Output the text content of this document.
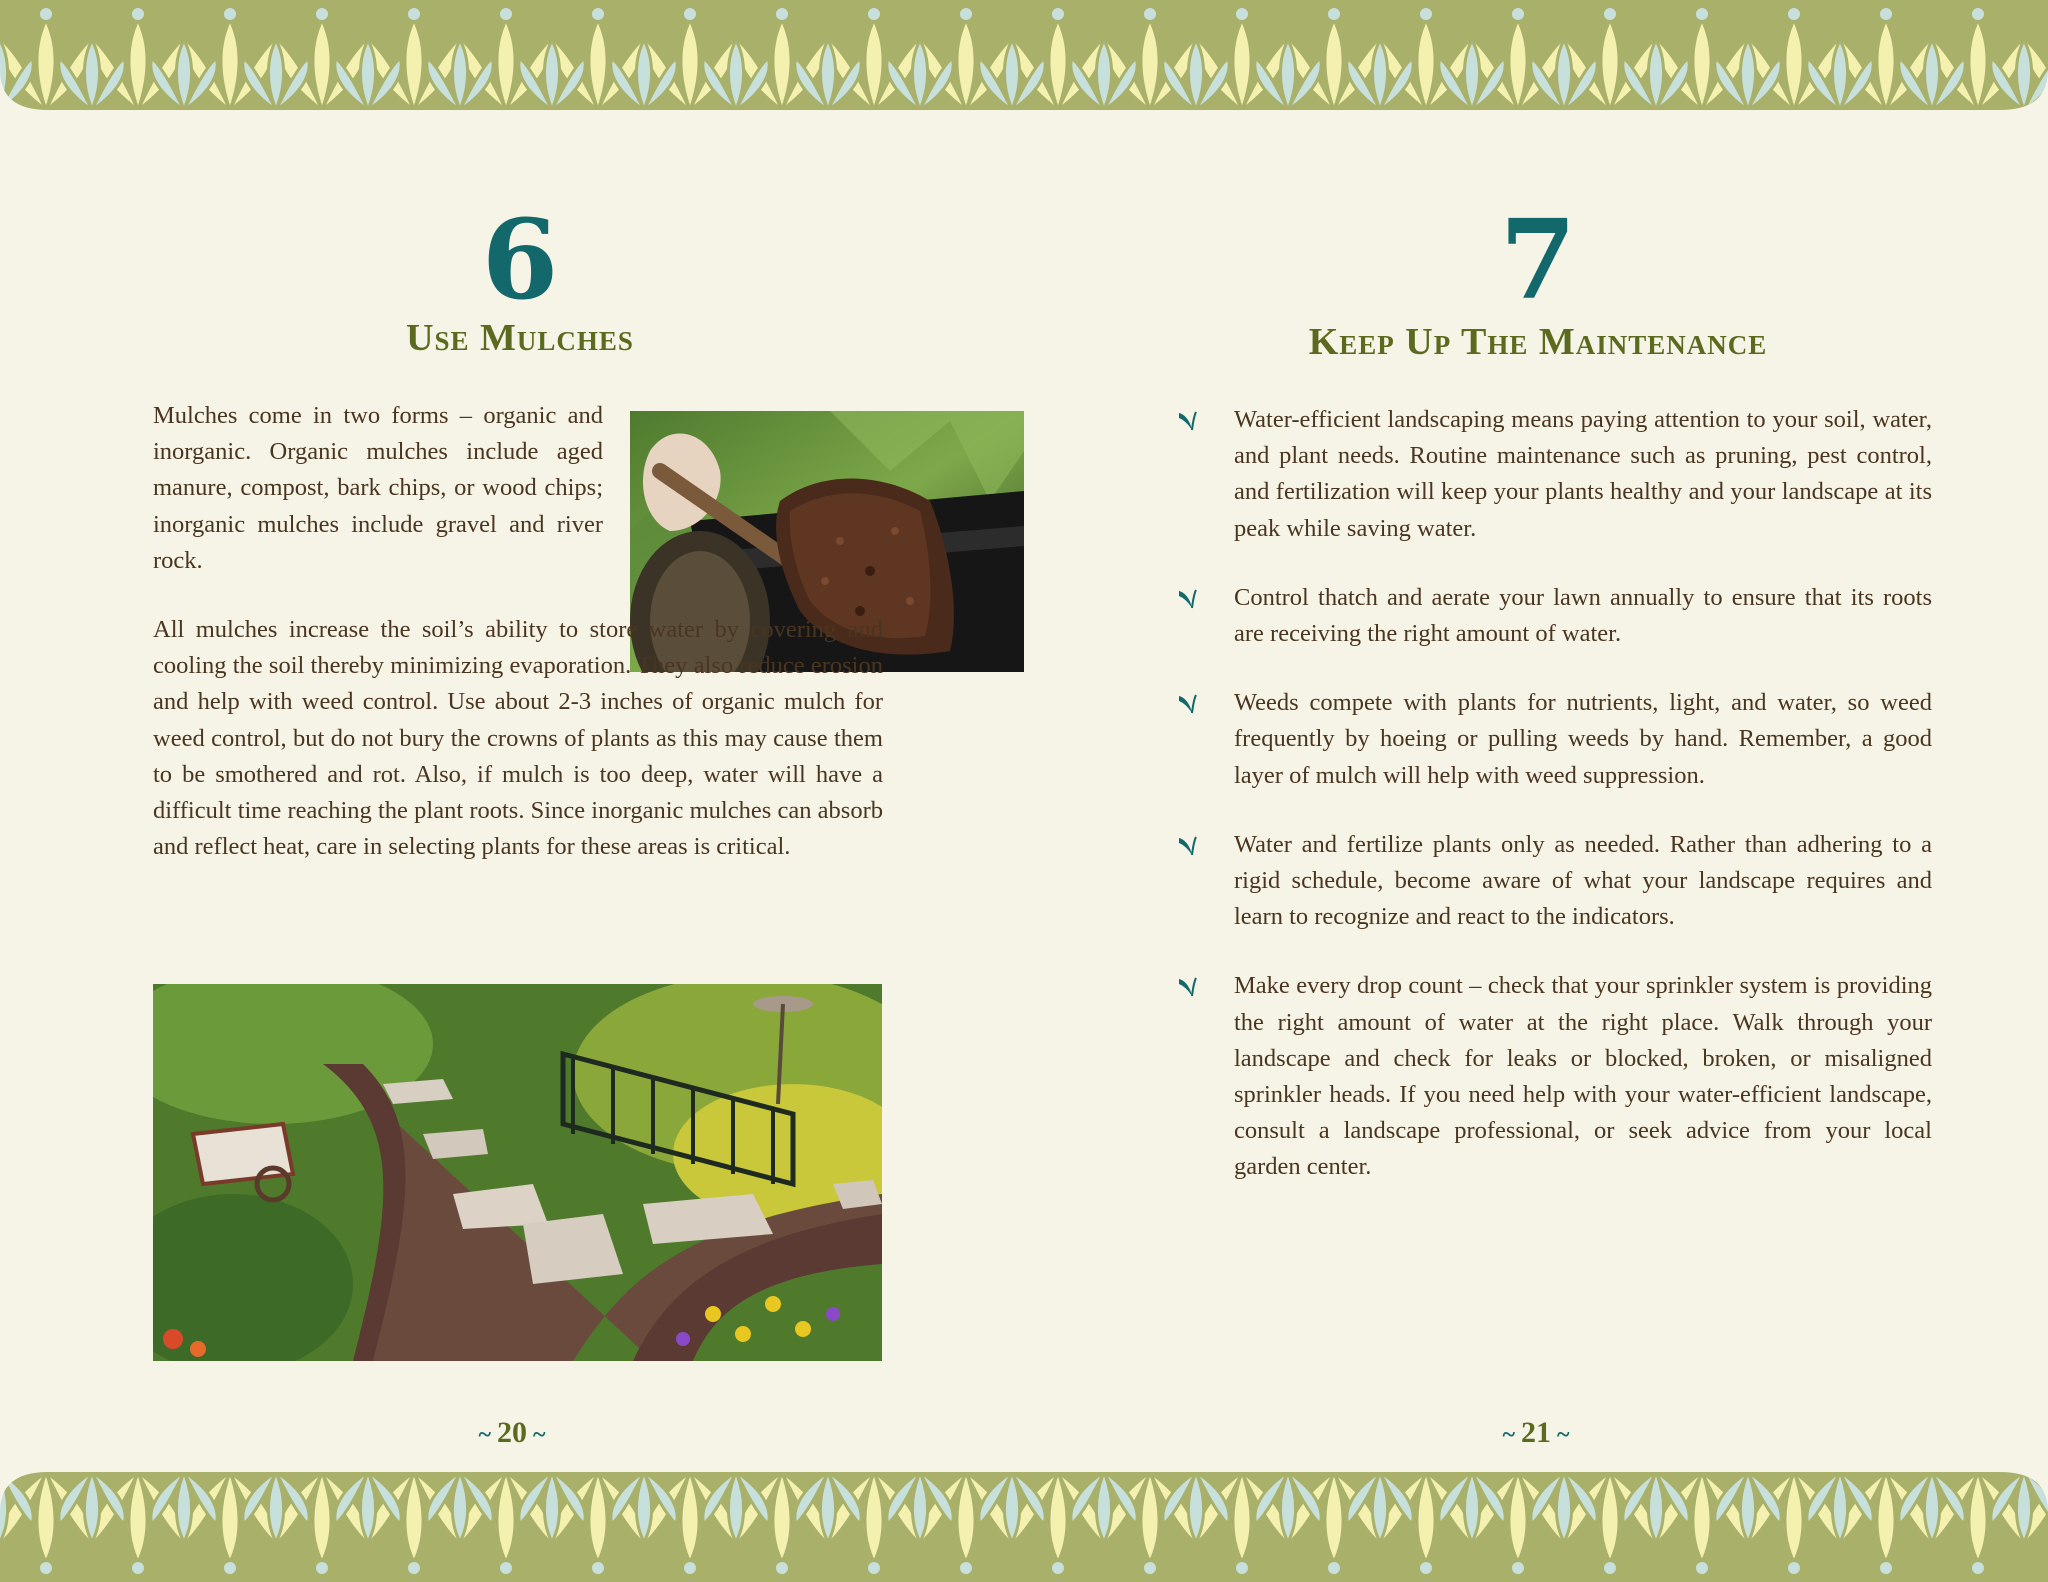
6
Use Mulches

Mulches come in two forms – organic and inorganic. Organic mulches include aged manure, compost, bark chips, or wood chips; inorganic mulches include gravel and river rock.

All mulches increase the soil’s ability to store water by covering and cooling the soil thereby minimizing evaporation. They also reduce erosion and help with weed control. Use about 2-3 inches of organic mulch for weed control, but do not bury the crowns of plants as this may cause them to be smothered and rot. Also, if mulch is too deep, water will have a difficult time reaching the plant roots. Since inorganic mulches can absorb and reflect heat, care in selecting plants for these areas is critical.

~ 20 ~
7
Keep Up The Maintenance
Water-efficient landscaping means paying attention to your soil, water, and plant needs. Routine maintenance such as pruning, pest control, and fertilization will keep your plants healthy and your landscape at its peak while saving water.
Control thatch and aerate your lawn annually to ensure that its roots are receiving the right amount of water.
Weeds compete with plants for nutrients, light, and water, so weed frequently by hoeing or pulling weeds by hand. Remember, a good layer of mulch will help with weed suppression.
Water and fertilize plants only as needed. Rather than adhering to a rigid schedule, become aware of what your landscape requires and learn to recognize and react to the indicators.
Make every drop count – check that your sprinkler system is providing the right amount of water at the right place. Walk through your landscape and check for leaks or blocked, broken, or misaligned sprinkler heads. If you need help with your water-efficient landscape, consult a landscape professional, or seek advice from your local garden center.
~ 21 ~
